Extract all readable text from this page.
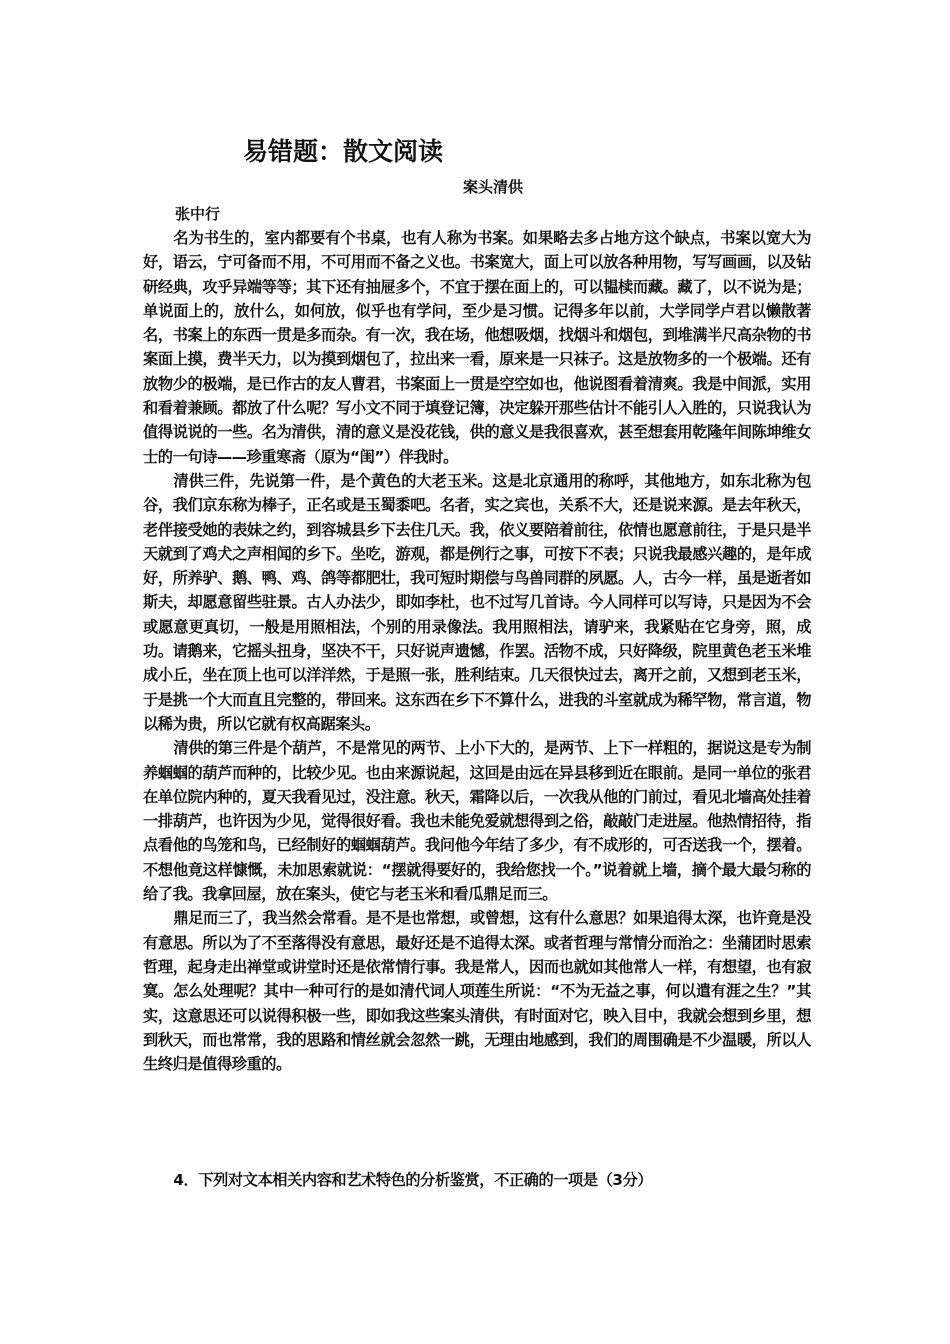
易错题：散文阅读
案头清供
张中行

名为书生的，室内都要有个书桌，也有人称为书案。如果略去多占地方这个缺点，书案以宽大为好，语云，宁可备而不用，不可用而不备之义也。书案宽大，面上可以放各种用物，写写画画，以及钻研经典，攻乎异端等等；其下还有抽屉多个，不宜于摆在面上的，可以韫椟而藏。藏了，以不说为是；单说面上的，放什么，如何放，似乎也有学问，至少是习惯。记得多年以前，大学同学卢君以懒散著名，书案上的东西一贯是多而杂。有一次，我在场，他想吸烟，找烟斗和烟包，到堆满半尺高杂物的书案面上摸，费半天力，以为摸到烟包了，拉出来一看，原来是一只袜子。这是放物多的一个极端。还有放物少的极端，是已作古的友人曹君，书案面上一贯是空空如也，他说图看着清爽。我是中间派，实用和看着兼顾。都放了什么呢？写小文不同于填登记簿，决定躲开那些估计不能引人入胜的，只说我认为值得说说的一些。名为清供，清的意义是没花钱，供的意义是我很喜欢，甚至想套用乾隆年间陈坤维女士的一句诗——珍重寒斋（原为“闺”）伴我时。

清供三件，先说第一件，是个黄色的大老玉米。这是北京通用的称呼，其他地方，如东北称为包谷，我们京东称为棒子，正名或是玉蜀黍吧。名者，实之宾也，关系不大，还是说来源。是去年秋天，老伴接受她的表妹之约，到容城县乡下去住几天。我，依义要陪着前往，依情也愿意前往，于是只是半天就到了鸡犬之声相闻的乡下。坐吃，游观，都是例行之事，可按下不表；只说我最感兴趣的，是年成好，所养驴、鹅、鸭、鸡、鸽等都肥壮，我可短时期偿与鸟兽同群的夙愿。人，古今一样，虽是逝者如斯夫，却愿意留些驻景。古人办法少，即如李杜，也不过写几首诗。今人同样可以写诗，只是因为不会或愿意更真切，一般是用照相法，个别的用录像法。我用照相法，请驴来，我紧贴在它身旁，照，成功。请鹅来，它摇头扭身，坚决不干，只好说声遗憾，作罢。活物不成，只好降级，院里黄色老玉米堆成小丘，坐在顶上也可以洋洋然，于是照一张，胜利结束。几天很快过去，离开之前，又想到老玉米，于是挑一个大而直且完整的，带回来。这东西在乡下不算什么，进我的斗室就成为稀罕物，常言道，物以稀为贵，所以它就有权高踞案头。

清供的第三件是个葫芦，不是常见的两节、上小下大的，是两节、上下一样粗的，据说这是专为制养蝈蝈的葫芦而种的，比较少见。也由来源说起，这回是由远在异县移到近在眼前。是同一单位的张君在单位院内种的，夏天我看见过，没注意。秋天，霜降以后，一次我从他的门前过，看见北墙高处挂着一排葫芦，也许因为少见，觉得很好看。我也未能免爱就想得到之俗，敲敲门走进屋。他热情招待，指点看他的鸟笼和鸟，已经制好的蝈蝈葫芦。我问他今年结了多少，有不成形的，可否送我一个，摆着。不想他竟这样慷慨，未加思索就说：“摆就得要好的，我给您找一个。”说着就上墙，摘个最大最匀称的给了我。我拿回屋，放在案头，使它与老玉米和看瓜鼎足而三。

鼎足而三了，我当然会常看。是不是也常想，或曾想，这有什么意思？如果追得太深，也许竟是没有意思。所以为了不至落得没有意思，最好还是不追得太深。或者哲理与常情分而治之：坐蒲团时思索哲理，起身走出禅堂或讲堂时还是依常情行事。我是常人，因而也就如其他常人一样，有想望，也有寂寞。怎么处理呢？其中一种可行的是如清代词人项莲生所说：“不为无益之事，何以遣有涯之生？”其实，这意思还可以说得积极一些，即如我这些案头清供，有时面对它，映入目中，我就会想到乡里，想到秋天，而也常常，我的思路和情丝就会忽然一跳，无理由地感到，我们的周围确是不少温暖，所以人生终归是值得珍重的。

4．下列对文本相关内容和艺术特色的分析鉴赏，不正确的一项是（3分）
